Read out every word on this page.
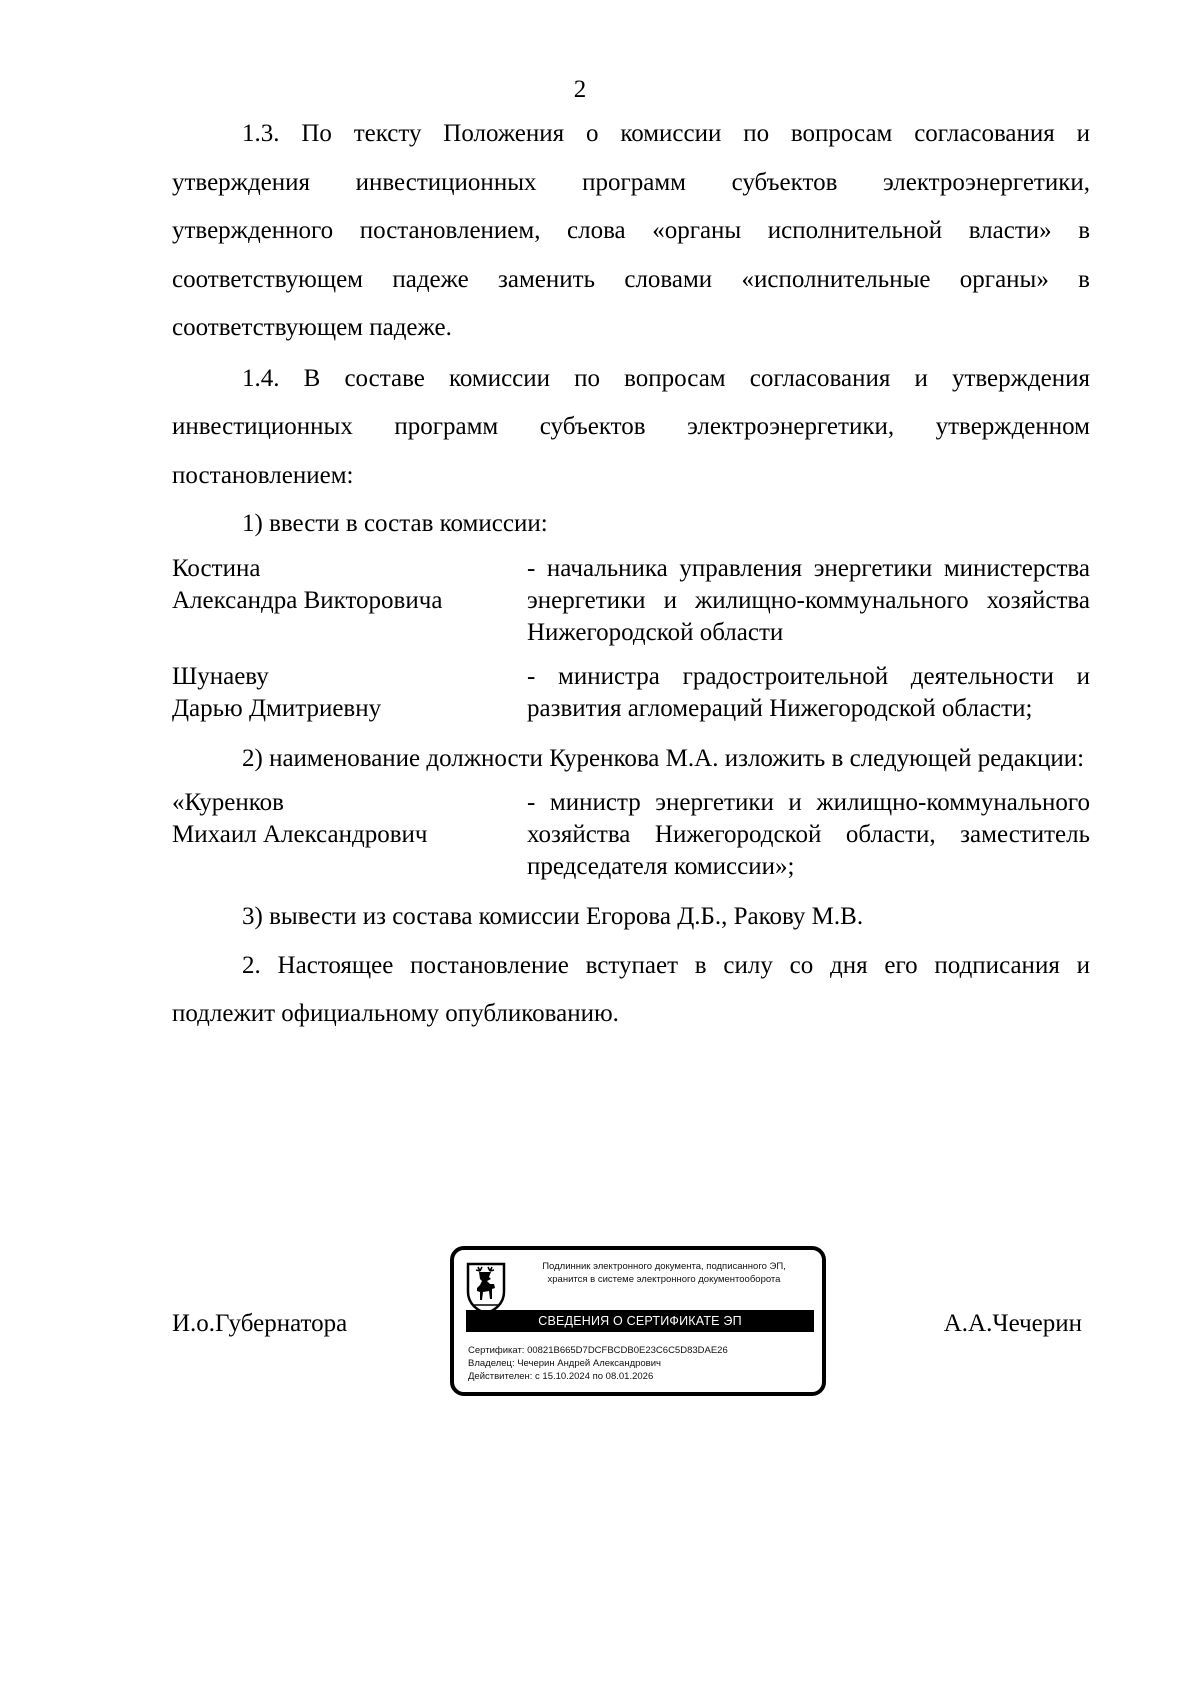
2

1.3. По тексту Положения о комиссии по вопросам согласования и утверждения инвестиционных программ субъектов электроэнергетики, утвержденного постановлением, слова «органы исполнительной власти» в соответствующем падеже заменить словами «исполнительные органы» в соответствующем падеже.

1.4. В составе комиссии по вопросам согласования и утверждения инвестиционных программ субъектов электроэнергетики, утвержденном постановлением:

1) ввести в состав комиссии:

Костина
Александра Викторовича
- начальника управления энергетики министерства энергетики и жилищно-коммунального хозяйства Нижегородской области
Шунаеву
Дарью Дмитриевну
- министра градостроительной деятельности и развития агломераций Нижегородской области;

2) наименование должности Куренкова М.А. изложить в следующей редакции:

«Куренков
Михаил Александрович
- министр энергетики и жилищно-коммунального хозяйства Нижегородской области, заместитель председателя комиссии»;

3) вывести из состава комиссии Егорова Д.Б., Ракову М.В.

2. Настоящее постановление вступает в силу со дня его подписания и подлежит официальному опубликованию.

И.о.Губернатора

Подлинник электронного документа, подписанного ЭП,
хранится в системе электронного документооборота
СВЕДЕНИЯ О СЕРТИФИКАТЕ ЭП
Сертификат: 00821B665D7DCFBCDB0E23C6C5D83DAE26
Владелец: Чечерин Андрей Александрович
Действителен: с 15.10.2024 по 08.01.2026

А.А.Чечерин
